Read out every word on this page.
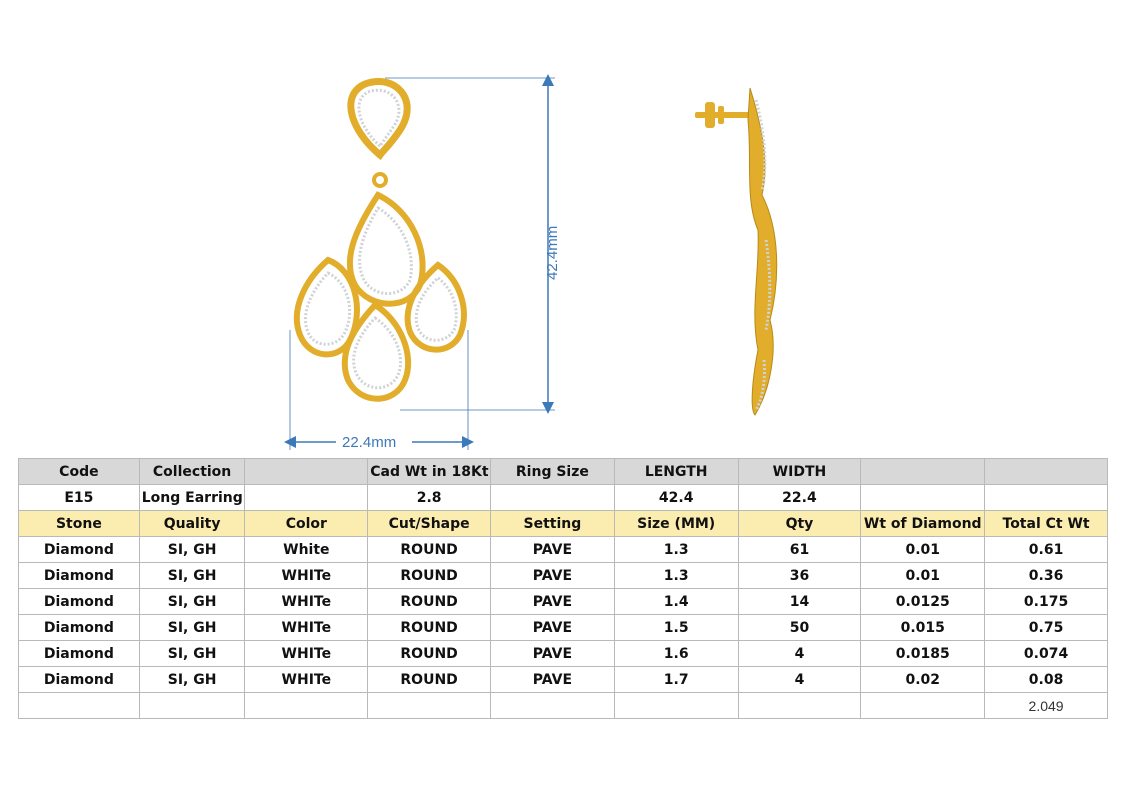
42.4mm
22.4mm
Code	Collection		Cad Wt in 18Kt	Ring Size	LENGTH	WIDTH		
E15	Long Earring		2.8		42.4	22.4		
Stone	Quality	Color	Cut/Shape	Setting	Size (MM)	Qty	Wt of Diamond	Total Ct Wt
Diamond	SI, GH	White	ROUND	PAVE	1.3	61	0.01	0.61
Diamond	SI, GH	WHITe	ROUND	PAVE	1.3	36	0.01	0.36
Diamond	SI, GH	WHITe	ROUND	PAVE	1.4	14	0.0125	0.175
Diamond	SI, GH	WHITe	ROUND	PAVE	1.5	50	0.015	0.75
Diamond	SI, GH	WHITe	ROUND	PAVE	1.6	4	0.0185	0.074
Diamond	SI, GH	WHITe	ROUND	PAVE	1.7	4	0.02	0.08
								2.049
